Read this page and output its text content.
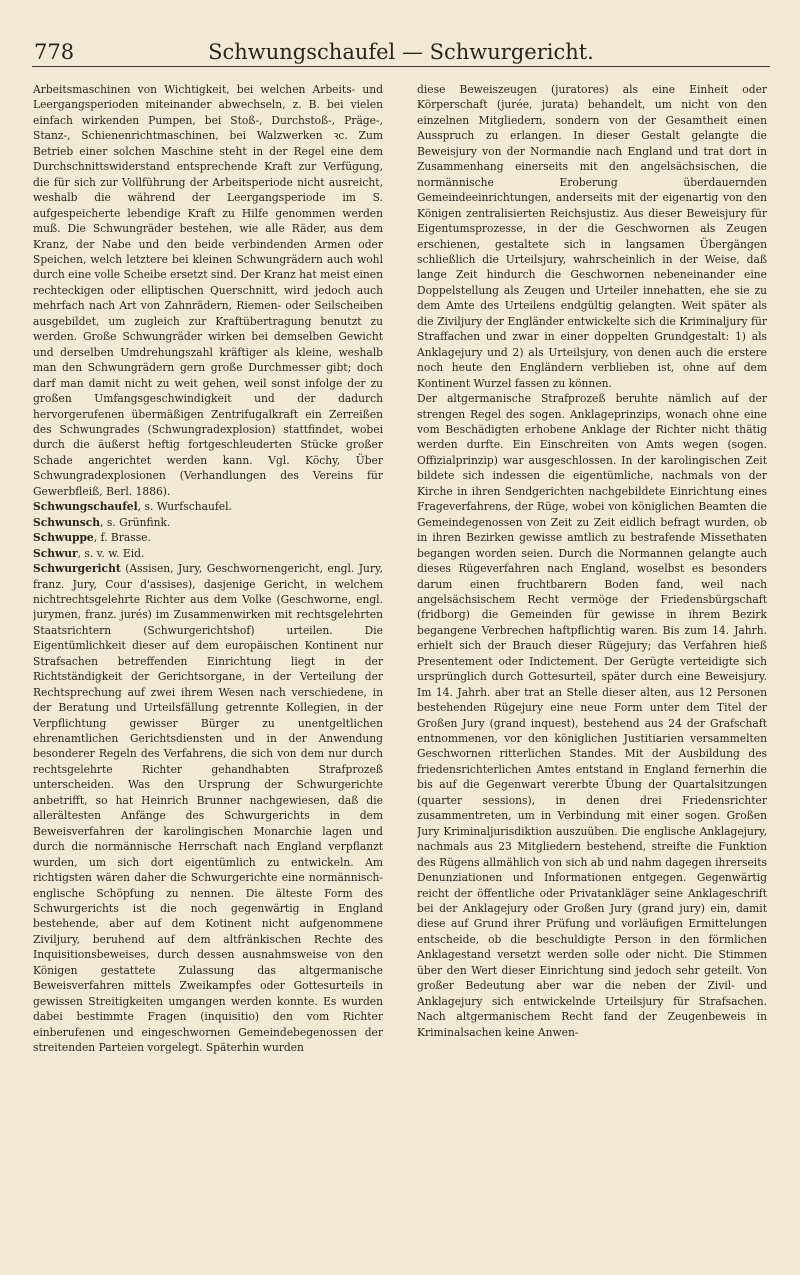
778	Schwungschaufel — Schwurgericht.

Arbeitsmaschinen von Wichtigkeit, bei welchen Arbeits- und Leergangsperioden miteinander abwechseln, z. B. bei vielen einfach wirkenden Pumpen, bei Stoß-, Durchstoß-, Präge-, Stanz-, Schienenrichtmaschinen, bei Walzwerken ꝛc. Zum Betrieb einer solchen Maschine steht in der Regel eine dem Durchschnittswiderstand entsprechende Kraft zur Verfügung, die für sich zur Vollführung der Arbeitsperiode nicht ausreicht, weshalb die während der Leergangsperiode im S. aufgespeicherte lebendige Kraft zu Hilfe genommen werden muß. Die Schwungräder bestehen, wie alle Räder, aus dem Kranz, der Nabe und den beide verbindenden Armen oder Speichen, welch letztere bei kleinen Schwungrädern auch wohl durch eine volle Scheibe ersetzt sind. Der Kranz hat meist einen rechteckigen oder elliptischen Querschnitt, wird jedoch auch mehrfach nach Art von Zahnrädern, Riemen- oder Seilscheiben ausgebildet, um zugleich zur Kraftübertragung benutzt zu werden. Große Schwungräder wirken bei demselben Gewicht und derselben Umdrehungszahl kräftiger als kleine, weshalb man den Schwungrädern gern große Durchmesser gibt; doch darf man damit nicht zu weit gehen, weil sonst infolge der zu großen Umfangsgeschwindigkeit und der dadurch hervorgerufenen übermäßigen Zentrifugalkraft ein Zerreißen des Schwungrades (Schwungradexplosion) stattfindet, wobei durch die äußerst heftig fortgeschleuderten Stücke großer Schade angerichtet werden kann. Vgl. Köchy, Über Schwungradexplosionen (Verhandlungen des Vereins für Gewerbfleiß, Berl. 1886).

Schwungschaufel, s. Wurfschaufel.

Schwunsch, s. Grünfink.

Schwuppe, f. Brasse.

Schwur, s. v. w. Eid.

Schwurgericht (Assisen, Jury, Geschwornengericht, engl. Jury, franz. Jury, Cour d'assises), dasjenige Gericht, in welchem nichtrechtsgelehrte Richter aus dem Volke (Geschworne, engl. jurymen, franz. jurés) im Zusammenwirken mit rechtsgelehrten Staatsrichtern (Schwurgerichtshof) urteilen. Die Eigentümlichkeit dieser auf dem europäischen Kontinent nur Strafsachen betreffenden Einrichtung liegt in der Richtständigkeit der Gerichtsorgane, in der Verteilung der Rechtsprechung auf zwei ihrem Wesen nach verschiedene, in der Beratung und Urteilsfällung getrennte Kollegien, in der Verpflichtung gewisser Bürger zu unentgeltlichen ehrenamtlichen Gerichtsdiensten und in der Anwendung besonderer Regeln des Verfahrens, die sich von dem nur durch rechtsgelehrte Richter gehandhabten Strafprozeß unterscheiden. Was den Ursprung der Schwurgerichte anbetrifft, so hat Heinrich Brunner nachgewiesen, daß die allerältesten Anfänge des Schwurgerichts in dem Beweisverfahren der karolingischen Monarchie lagen und durch die normännische Herrschaft nach England verpflanzt wurden, um sich dort eigentümlich zu entwickeln. Am richtigsten wären daher die Schwurgerichte eine normännisch-englische Schöpfung zu nennen. Die älteste Form des Schwurgerichts ist die noch gegenwärtig in England bestehende, aber auf dem Kotinent nicht aufgenommene Ziviljury, beruhend auf dem altfränkischen Rechte des Inquisitionsbeweises, durch dessen ausnahmsweise von den Königen gestattete Zulassung das altgermanische Beweisverfahren mittels Zweikampfes oder Gottesurteils in gewissen Streitigkeiten umgangen werden konnte. Es wurden dabei bestimmte Fragen (inquisitio) den vom Richter einberufenen und eingeschwornen Gemeindebegenossen der streitenden Parteien vorgelegt. Späterhin wurden

diese Beweiszeugen (juratores) als eine Einheit oder Körperschaft (jurée, jurata) behandelt, um nicht von den einzelnen Mitgliedern, sondern von der Gesamtheit einen Ausspruch zu erlangen. In dieser Gestalt gelangte die Beweisjury von der Normandie nach England und trat dort in Zusammenhang einerseits mit den angelsächsischen, die normännische Eroberung überdauernden Gemeindeeinrichtungen, anderseits mit der eigenartig von den Königen zentralisierten Reichsjustiz. Aus dieser Beweisjury für Eigentumsprozesse, in der die Geschwornen als Zeugen erschienen, gestaltete sich in langsamen Übergängen schließlich die Urteilsjury, wahrscheinlich in der Weise, daß lange Zeit hindurch die Geschwornen nebeneinander eine Doppelstellung als Zeugen und Urteiler innehatten, ehe sie zu dem Amte des Urteilens endgültig gelangten. Weit später als die Ziviljury der Engländer entwickelte sich die Kriminaljury für Straffachen und zwar in einer doppelten Grundgestalt: 1) als Anklagejury und 2) als Urteilsjury, von denen auch die erstere noch heute den Engländern verblieben ist, ohne auf dem Kontinent Wurzel fassen zu können.

Der altgermanische Strafprozeß beruhte nämlich auf der strengen Regel des sogen. Anklageprinzips, wonach ohne eine vom Beschädigten erhobene Anklage der Richter nicht thätig werden durfte. Ein Einschreiten von Amts wegen (sogen. Offizialprinzip) war ausgeschlossen. In der karolingischen Zeit bildete sich indessen die eigentümliche, nachmals von der Kirche in ihren Sendgerichten nachgebildete Einrichtung eines Frageverfahrens, der Rüge, wobei von königlichen Beamten die Gemeindegenossen von Zeit zu Zeit eidlich befragt wurden, ob in ihren Bezirken gewisse amtlich zu bestrafende Missethaten begangen worden seien. Durch die Normannen gelangte auch dieses Rügeverfahren nach England, woselbst es besonders darum einen fruchtbarern Boden fand, weil nach angelsächsischem Recht vermöge der Friedensbürgschaft (fridborg) die Gemeinden für gewisse in ihrem Bezirk begangene Verbrechen haftpflichtig waren. Bis zum 14. Jahrh. erhielt sich der Brauch dieser Rügejury; das Verfahren hieß Presentement oder Indictement. Der Gerügte verteidigte sich ursprünglich durch Gottesurteil, später durch eine Beweisjury. Im 14. Jahrh. aber trat an Stelle dieser alten, aus 12 Personen bestehenden Rügejury eine neue Form unter dem Titel der Großen Jury (grand inquest), bestehend aus 24 der Grafschaft entnommenen, vor den königlichen Justitiarien versammelten Geschwornen ritterlichen Standes. Mit der Ausbildung des friedensrichterlichen Amtes entstand in England fernerhin die bis auf die Gegenwart vererbte Übung der Quartalsitzungen (quarter sessions), in denen drei Friedensrichter zusammentreten, um in Verbindung mit einer sogen. Großen Jury Kriminaljurisdiktion auszuüben. Die englische Anklagejury, nachmals aus 23 Mitgliedern bestehend, streifte die Funktion des Rügens allmählich von sich ab und nahm dagegen ihrerseits Denunziationen und Informationen entgegen. Gegenwärtig reicht der öffentliche oder Privatankläger seine Anklageschrift bei der Anklagejury oder Großen Jury (grand jury) ein, damit diese auf Grund ihrer Prüfung und vorläufigen Ermittelungen entscheide, ob die beschuldigte Person in den förmlichen Anklagestand versetzt werden solle oder nicht. Die Stimmen über den Wert dieser Einrichtung sind jedoch sehr geteilt. Von großer Bedeutung aber war die neben der Zivil- und Anklagejury sich entwickelnde Urteilsjury für Strafsachen. Nach altgermanischem Recht fand der Zeugenbeweis in Kriminalsachen keine Anwen-
